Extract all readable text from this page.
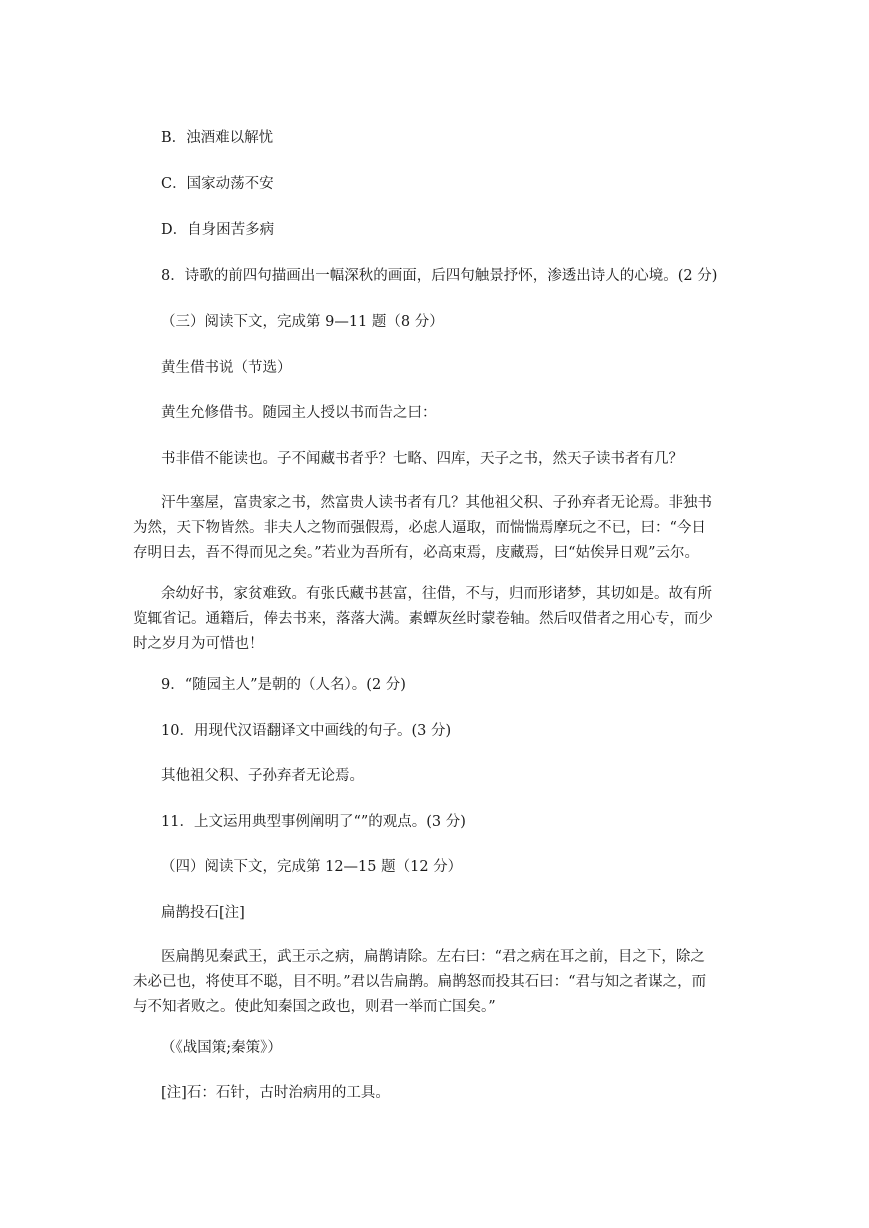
B．浊酒难以解忧
C．国家动荡不安
D．自身困苦多病
8．诗歌的前四句描画出一幅深秋的画面，后四句触景抒怀，渗透出诗人的心境。(2 分)
（三）阅读下文，完成第 9—11 题（8 分）
黄生借书说（节选）
黄生允修借书。随园主人授以书而告之曰：
书非借不能读也。子不闻藏书者乎？七略、四库，天子之书，然天子读书者有几？
汗牛塞屋，富贵家之书，然富贵人读书者有几？其他祖父积、子孙弃者无论焉。非独书
为然，天下物皆然。非夫人之物而强假焉，必虑人逼取，而惴惴焉摩玩之不已，曰：“今日
存明日去，吾不得而见之矣。”若业为吾所有，必高束焉，庋藏焉，曰“姑俟异日观”云尔。
余幼好书，家贫难致。有张氏藏书甚富，往借，不与，归而形诸梦，其切如是。故有所
览辄省记。通籍后，俸去书来，落落大满。素蟫灰丝时蒙卷轴。然后叹借者之用心专，而少
时之岁月为可惜也！
9．“随园主人”是朝的（人名）。(2 分)
10．用现代汉语翻译文中画线的句子。(3 分)
其他祖父积、子孙弃者无论焉。
11．上文运用典型事例阐明了“”的观点。(3 分)
（四）阅读下文，完成第 12—15 题（12 分）
扁鹊投石[注]
医扁鹊见秦武王，武王示之病，扁鹊请除。左右曰：“君之病在耳之前，目之下，除之
未必已也，将使耳不聪，目不明。”君以告扁鹊。扁鹊怒而投其石曰：“君与知之者谋之，而
与不知者败之。使此知秦国之政也，则君一举而亡国矣。”
（《战国策;秦策》）
[注]石：石针，古时治病用的工具。
